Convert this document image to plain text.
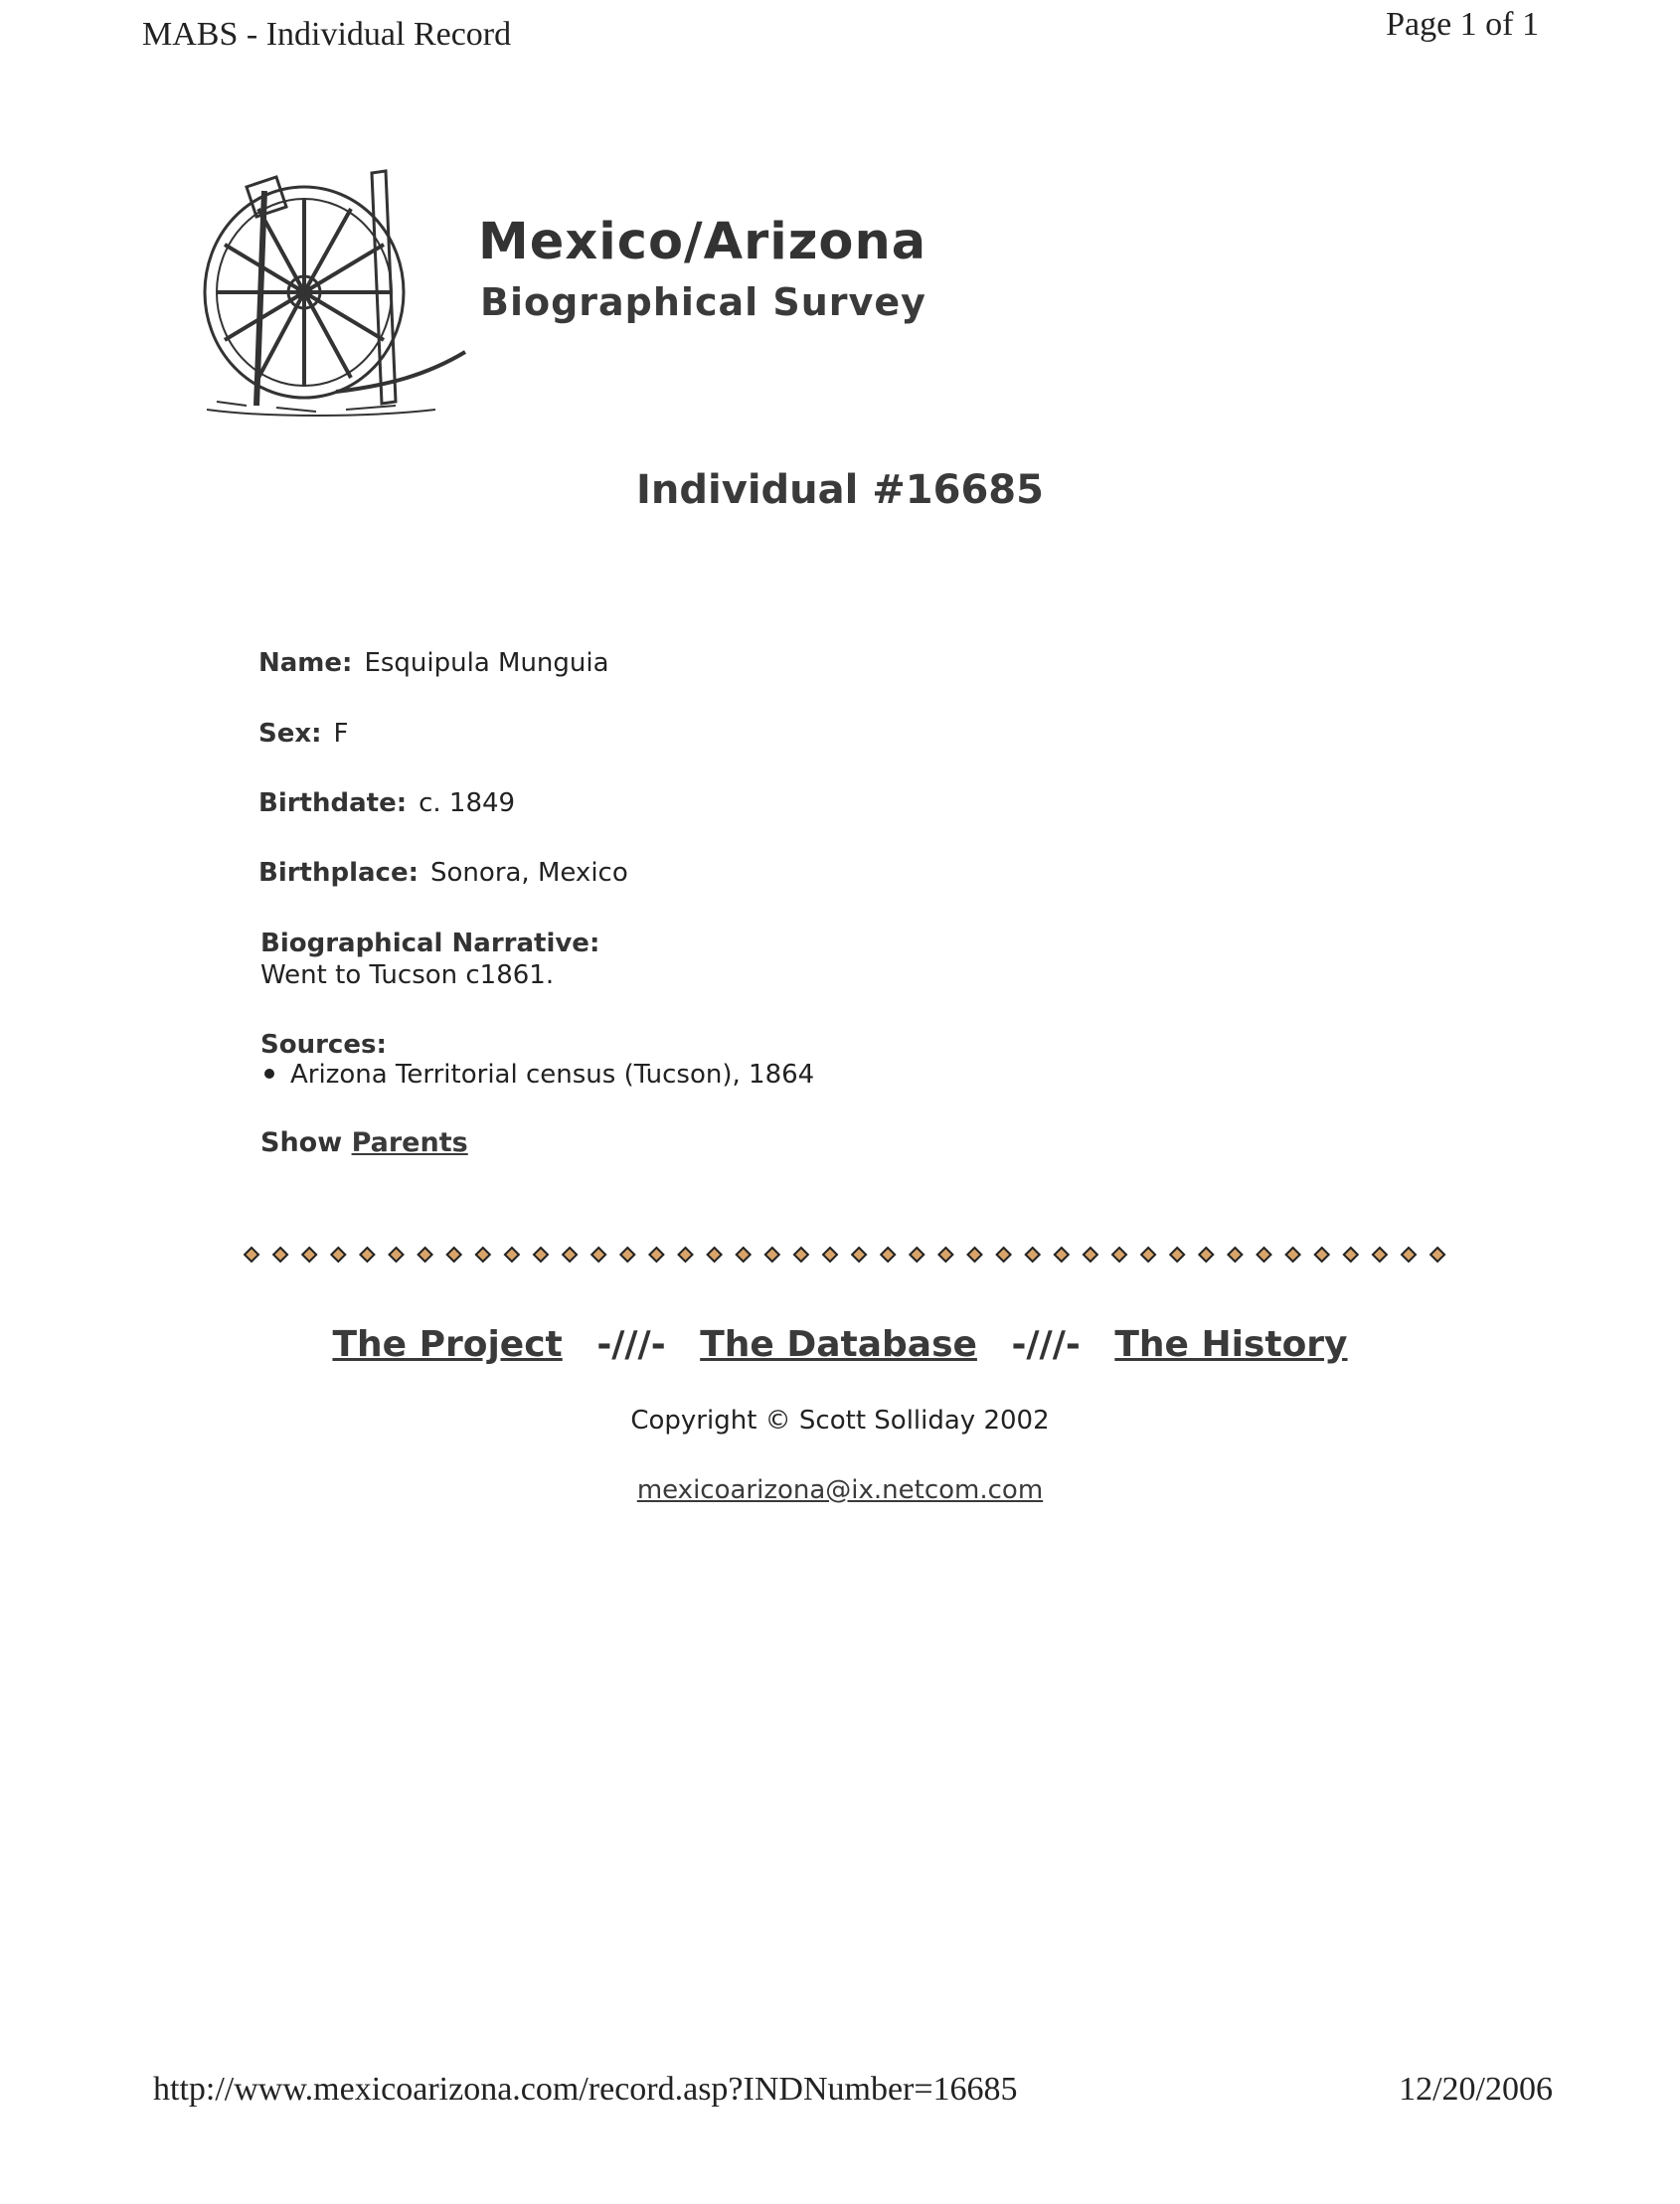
MABS - Individual Record	Page 1 of 1
Mexico/Arizona
Biographical Survey
Individual #16685
Name: Esquipula Munguia
Sex: F
Birthdate: c. 1849
Birthplace: Sonora, Mexico
Biographical Narrative:
Went to Tucson c1861.
Sources:
Arizona Territorial census (Tucson), 1864
Show Parents
The Project -///- The Database -///- The History
Copyright © Scott Solliday 2002
mexicoarizona@ix.netcom.com
http://www.mexicoarizona.com/record.asp?INDNumber=16685	12/20/2006
